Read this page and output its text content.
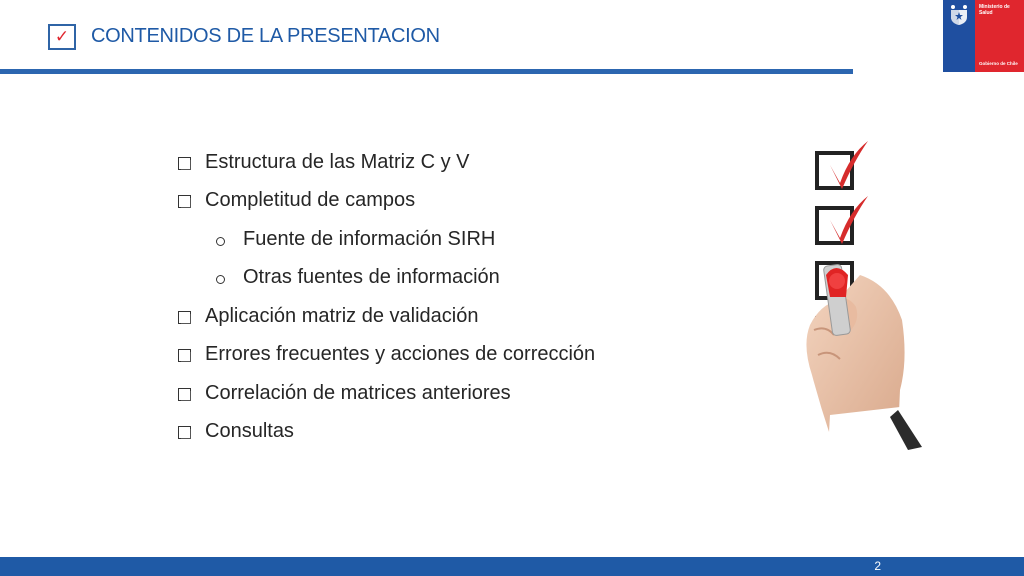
✓ CONTENIDOS DE LA PRESENTACION
Ministerio de
Salud
Gobierno de Chile
Estructura de las Matriz C y V
Completitud de campos
Fuente de información SIRH
Otras fuentes de información
Aplicación matriz de validación
Errores frecuentes y acciones de corrección
Correlación de matrices anteriores
Consultas
2
